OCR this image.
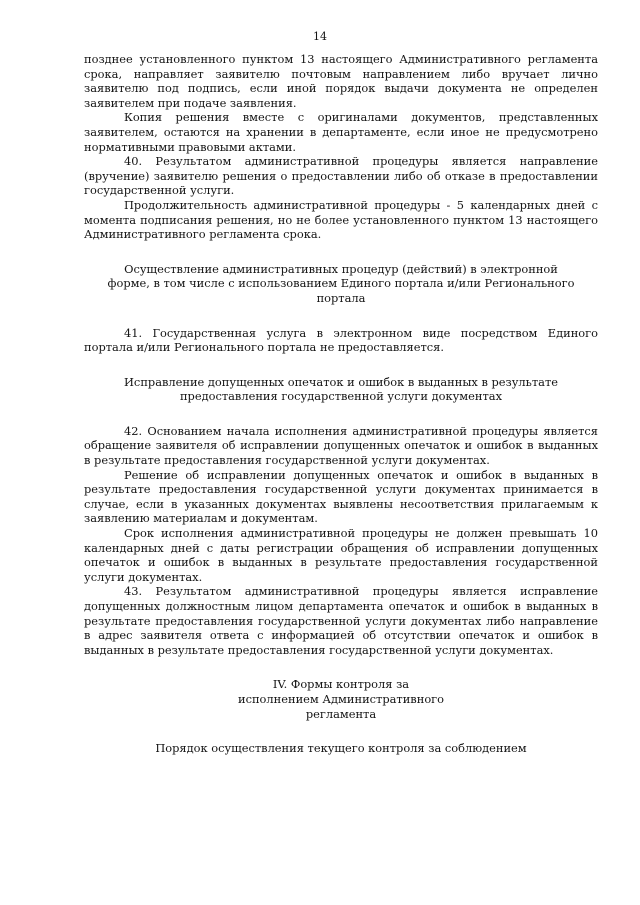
14

позднее установленного пунктом 13 настоящего Административного регламента срока, направляет заявителю почтовым направлением либо вручает лично заявителю под подпись, если иной порядок выдачи документа не определен заявителем при подаче заявления.

Копия решения вместе с оригиналами документов, представленных заявителем, остаются на хранении в департаменте, если иное не предусмотрено нормативными правовыми актами.

40. Результатом административной процедуры является направление (вручение) заявителю решения о предоставлении либо об отказе в предоставлении государственной услуги.

Продолжительность административной процедуры - 5 календарных дней с момента подписания решения, но не более установленного пунктом 13 настоящего Административного регламента срока.

Осуществление административных процедур (действий) в электронной форме, в том числе с использованием Единого портала и/или Регионального портала

41. Государственная услуга в электронном виде посредством Единого портала и/или Регионального портала не предоставляется.

Исправление допущенных опечаток и ошибок в выданных в результате предоставления государственной услуги документах

42. Основанием начала исполнения административной процедуры является обращение заявителя об исправлении допущенных опечаток и ошибок в выданных в результате предоставления государственной услуги документах.

Решение об исправлении допущенных опечаток и ошибок в выданных в результате предоставления государственной услуги документах принимается в случае, если в указанных документах выявлены несоответствия прилагаемым к заявлению материалам и документам.

Срок исполнения административной процедуры не должен превышать 10 календарных дней с даты регистрации обращения об исправлении допущенных опечаток и ошибок в выданных в результате предоставления государственной услуги документах.

43. Результатом административной процедуры является исправление допущенных должностным лицом департамента опечаток и ошибок в выданных в результате предоставления государственной услуги документах либо направление в адрес заявителя ответа с информацией об отсутствии опечаток и ошибок в выданных в результате предоставления государственной услуги документах.

IV. Формы контроля за исполнением Административного регламента
Порядок осуществления текущего контроля за соблюдением
